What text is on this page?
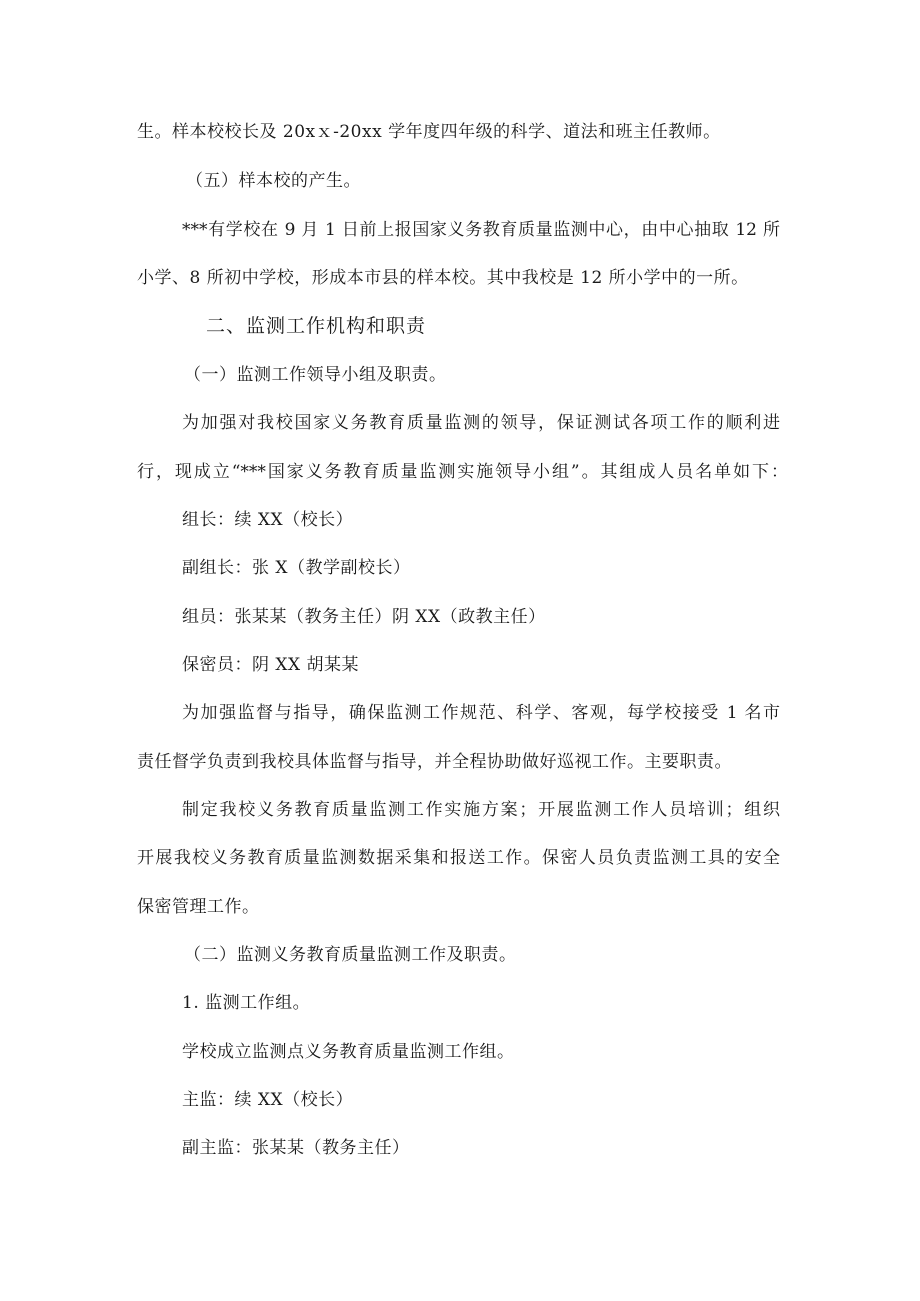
生。样本校校长及 20xｘ-20xx 学年度四年级的科学、道法和班主任教师。
（五）样本校的产生。
***有学校在 9 月 1 日前上报国家义务教育质量监测中心，由中心抽取 12 所
小学、8 所初中学校，形成本市县的样本校。其中我校是 12 所小学中的一所。
二、监测工作机构和职责
（一）监测工作领导小组及职责。
为加强对我校国家义务教育质量监测的领导，保证测试各项工作的顺利进
行，现成立“***国家义务教育质量监测实施领导小组”。其组成人员名单如下：
组长：续 XX（校长）
副组长：张 X（教学副校长）
组员：张某某（教务主任）阴 XX（政教主任）
保密员：阴 XX 胡某某
为加强监督与指导，确保监测工作规范、科学、客观，每学校接受 1 名市
责任督学负责到我校具体监督与指导，并全程协助做好巡视工作。主要职责。
制定我校义务教育质量监测工作实施方案；开展监测工作人员培训；组织
开展我校义务教育质量监测数据采集和报送工作。保密人员负责监测工具的安全
保密管理工作。
（二）监测义务教育质量监测工作及职责。
1. 监测工作组。
学校成立监测点义务教育质量监测工作组。
主监：续 XX（校长）
副主监：张某某（教务主任）
